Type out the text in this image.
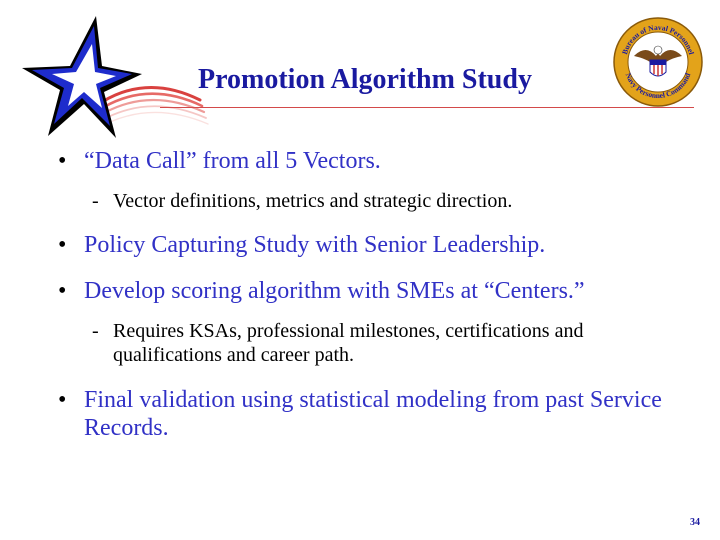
Promotion Algorithm Study
Bureau of Naval Personnel
Navy Personnel Command
• “Data Call” from all 5 Vectors.
- Vector definitions, metrics and strategic direction.
• Policy Capturing Study with Senior Leadership.
• Develop scoring algorithm with SMEs at “Centers.”
- Requires KSAs, professional milestones, certifications and qualifications and career path.
• Final validation using statistical modeling from past Service Records.
34
